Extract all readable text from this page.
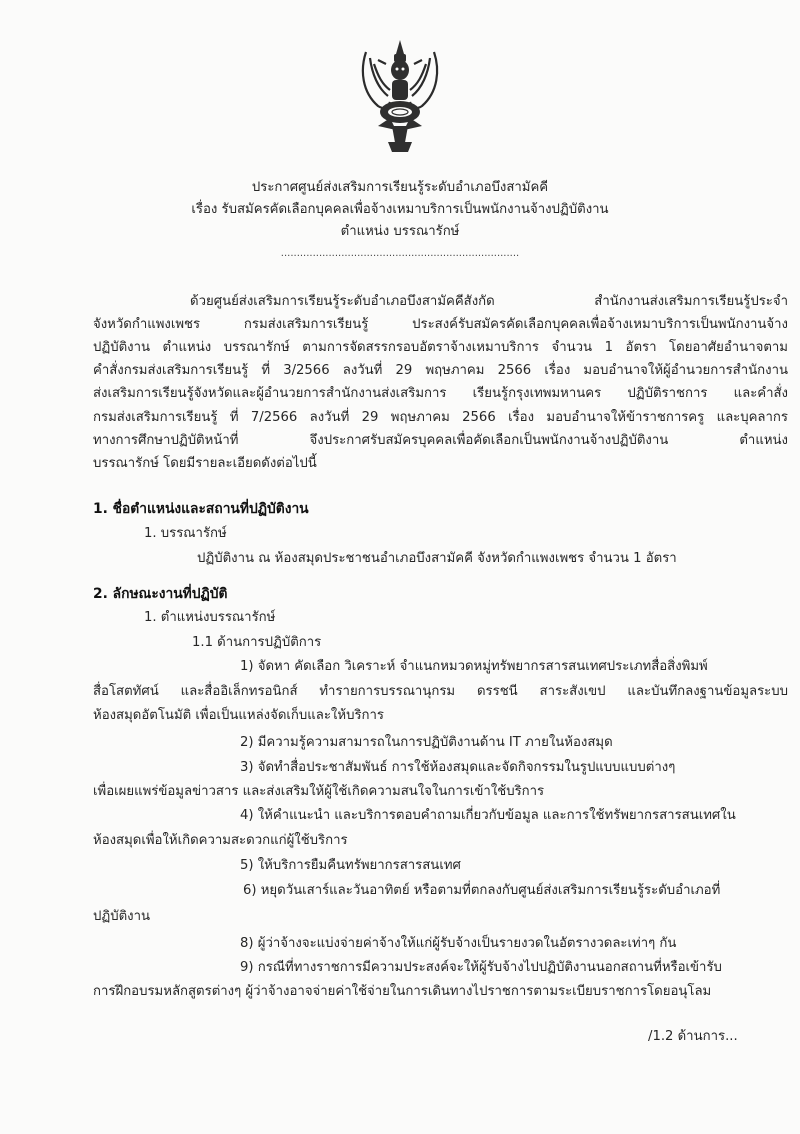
ประกาศศูนย์ส่งเสริมการเรียนรู้ระดับอำเภอบึงสามัคคี
เรื่อง รับสมัครคัดเลือกบุคคลเพื่อจ้างเหมาบริการเป็นพนักงานจ้างปฏิบัติงาน
ตำแหน่ง บรรณารักษ์
...........................................................................
ด้วยศูนย์ส่งเสริมการเรียนรู้ระดับอำเภอบึงสามัคคีสังกัด สำนักงานส่งเสริมการเรียนรู้ประจำ
จังหวัดกำแพงเพชร กรมส่งเสริมการเรียนรู้ ประสงค์รับสมัครคัดเลือกบุคคลเพื่อจ้างเหมาบริการเป็นพนักงานจ้าง
ปฏิบัติงาน ตำแหน่ง บรรณารักษ์ ตามการจัดสรรกรอบอัตราจ้างเหมาบริการ จำนวน 1 อัตรา โดยอาศัยอำนาจตาม
คำสั่งกรมส่งเสริมการเรียนรู้ ที่ 3/2566 ลงวันที่ 29 พฤษภาคม 2566 เรื่อง มอบอำนาจให้ผู้อำนวยการสำนักงาน
ส่งเสริมการเรียนรู้จังหวัดและผู้อำนวยการสำนักงานส่งเสริมการ เรียนรู้กรุงเทพมหานคร ปฏิบัติราชการ และคำสั่ง
กรมส่งเสริมการเรียนรู้ ที่ 7/2566 ลงวันที่ 29 พฤษภาคม 2566 เรื่อง มอบอำนาจให้ข้าราชการครู และบุคลากร
ทางการศึกษาปฏิบัติหน้าที่ จึงประกาศรับสมัครบุคคลเพื่อคัดเลือกเป็นพนักงานจ้างปฏิบัติงาน ตำแหน่ง
บรรณารักษ์ โดยมีรายละเอียดดังต่อไปนี้
1. ชื่อตำแหน่งและสถานที่ปฏิบัติงาน
1. บรรณารักษ์
ปฏิบัติงาน ณ ห้องสมุดประชาชนอำเภอบึงสามัคคี จังหวัดกำแพงเพชร จำนวน 1 อัตรา
2. ลักษณะงานที่ปฏิบัติ
1. ตำแหน่งบรรณารักษ์
1.1 ด้านการปฏิบัติการ
1) จัดหา คัดเลือก วิเคราะห์ จำแนกหมวดหมู่ทรัพยากรสารสนเทศประเภทสื่อสิ่งพิมพ์
สื่อโสตทัศน์ และสื่ออิเล็กทรอนิกส์ ทำรายการบรรณานุกรม ดรรชนี สาระสังเขป และบันทึกลงฐานข้อมูลระบบ
ห้องสมุดอัตโนมัติ เพื่อเป็นแหล่งจัดเก็บและให้บริการ
2) มีความรู้ความสามารถในการปฏิบัติงานด้าน IT ภายในห้องสมุด
3) จัดทำสื่อประชาสัมพันธ์ การใช้ห้องสมุดและจัดกิจกรรมในรูปแบบแบบต่างๆ
เพื่อเผยแพร่ข้อมูลข่าวสาร และส่งเสริมให้ผู้ใช้เกิดความสนใจในการเข้าใช้บริการ
4) ให้คำแนะนำ และบริการตอบคำถามเกี่ยวกับข้อมูล และการใช้ทรัพยากรสารสนเทศใน
ห้องสมุดเพื่อให้เกิดความสะดวกแก่ผู้ใช้บริการ
5) ให้บริการยืมคืนทรัพยากรสารสนเทศ
6) หยุดวันเสาร์และวันอาทิตย์ หรือตามที่ตกลงกับศูนย์ส่งเสริมการเรียนรู้ระดับอำเภอที่
ปฏิบัติงาน
8) ผู้ว่าจ้างจะแบ่งจ่ายค่าจ้างให้แก่ผู้รับจ้างเป็นรายงวดในอัตรางวดละเท่าๆ กัน
9) กรณีที่ทางราชการมีความประสงค์จะให้ผู้รับจ้างไปปฏิบัติงานนอกสถานที่หรือเข้ารับ
การฝึกอบรมหลักสูตรต่างๆ ผู้ว่าจ้างอาจจ่ายค่าใช้จ่ายในการเดินทางไปราชการตามระเบียบราชการโดยอนุโลม
/1.2 ด้านการ...
